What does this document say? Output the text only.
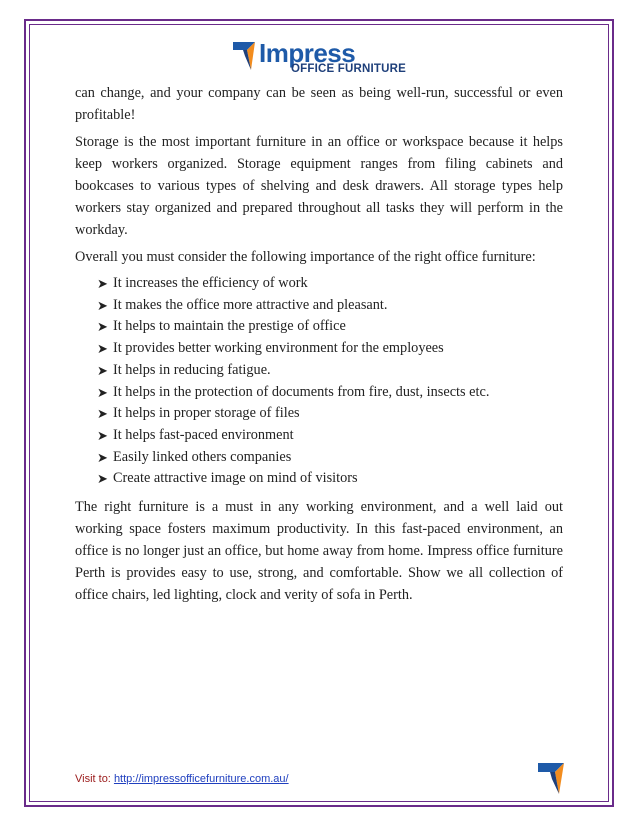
Impress
OFFICE FURNITURE

can change, and your company can be seen as being well-run, successful or even profitable!

Storage is the most important furniture in an office or workspace because it helps keep workers organized. Storage equipment ranges from filing cabinets and bookcases to various types of shelving and desk drawers. All storage types help workers stay organized and prepared throughout all tasks they will perform in the workday.

Overall you must consider the following importance of the right office furniture:

➤ It increases the efficiency of work
➤ It makes the office more attractive and pleasant.
➤ It helps to maintain the prestige of office
➤ It provides better working environment for the employees
➤ It helps in reducing fatigue.
➤ It helps in the protection of documents from fire, dust, insects etc.
➤ It helps in proper storage of files
➤ It helps fast-paced environment
➤ Easily linked others companies
➤ Create attractive image on mind of visitors

The right furniture is a must in any working environment, and a well laid out working space fosters maximum productivity. In this fast-paced environment, an office is no longer just an office, but home away from home. Impress office furniture Perth is provides easy to use, strong, and comfortable. Show we all collection of office chairs, led lighting, clock and verity of sofa in Perth.

Visit to: http://impressofficefurniture.com.au/
